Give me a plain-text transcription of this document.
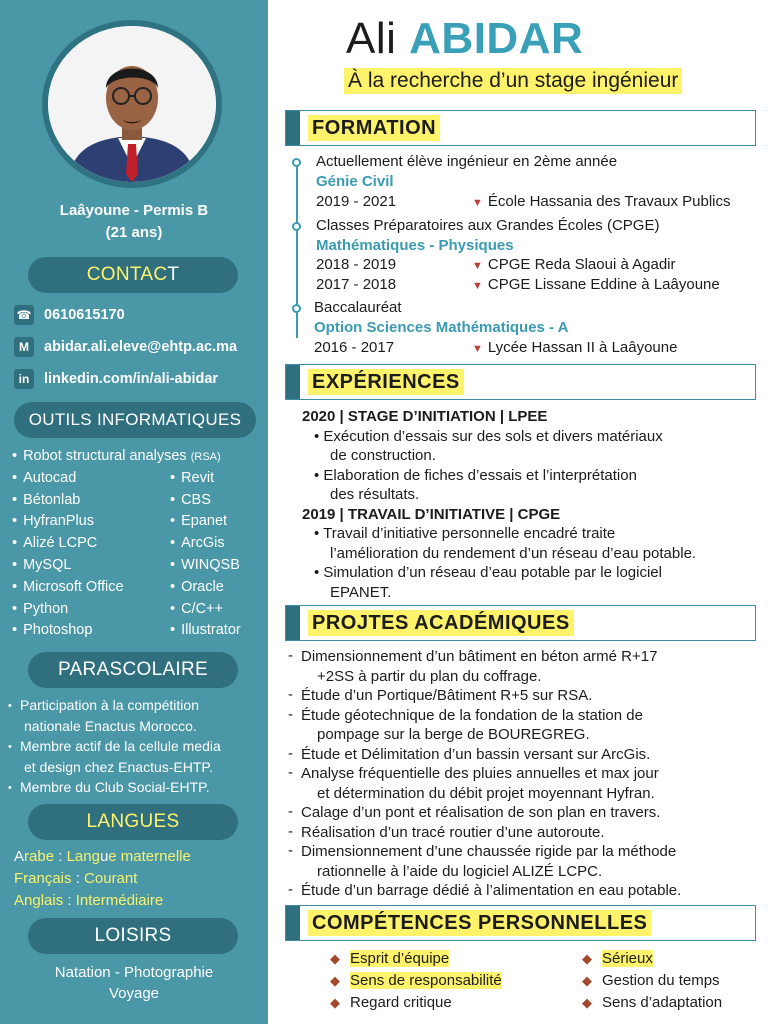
Laâyoune - Permis B
(21 ans)
CONTACT
☎ 0610615170
M	abidar.ali.eleve@ehtp.ac.ma
in	linkedin.com/in/ali-abidar
OUTILS INFORMATIQUES
• Robot structural analyses (RSA)
• Autocad	• Revit
• Bétonlab	• CBS
• HyfranPlus	• Epanet
• Alizé LCPC	• ArcGis
• MySQL	• WINQSB
• Microsoft Office	• Oracle
• Python	• C/C++
• Photoshop	• Illustrator
PARASCOLAIRE
• Participation à la compétition
nationale Enactus Morocco.
• Membre actif de la cellule media
et design chez Enactus-EHTP.
• Membre du Club Social-EHTP.
LANGUES
Arabe : Langue maternelle
Français : Courant
Anglais : Intermédiaire
LOISIRS
Natation - Photographie
Voyage
Ali ABIDAR
À la recherche d’un stage ingénieur
FORMATION
Actuellement élève ingénieur en 2ème année
Génie Civil
2019 - 2021	▼ École Hassania des Travaux Publics
Classes Préparatoires aux Grandes Écoles (CPGE)
Mathématiques - Physiques
2018 - 2019	▼ CPGE Reda Slaoui à Agadir
2017 - 2018	▼ CPGE Lissane Eddine à Laâyoune
Baccalauréat
Option Sciences Mathématiques - A
2016 - 2017	▼ Lycée Hassan II à Laâyoune
EXPÉRIENCES
2020 | STAGE D’INITIATION | LPEE
• Exécution d’essais sur des sols et divers matériaux
de construction.
• Elaboration de fiches d’essais et l’interprétation
des résultats.
2019 | TRAVAIL D’INITIATIVE | CPGE
• Travail d’initiative personnelle encadré traite
l’amélioration du rendement d’un réseau d’eau potable.
• Simulation d’un réseau d’eau potable par le logiciel
EPANET.
PROJTES ACADÉMIQUES
- Dimensionnement d’un bâtiment en béton armé R+17
+2SS à partir du plan du coffrage.
- Étude d’un Portique/Bâtiment R+5 sur RSA.
- Étude géotechnique de la fondation de la station de
pompage sur la berge de BOUREGREG.
- Étude et Délimitation d’un bassin versant sur ArcGis.
- Analyse fréquentielle des pluies annuelles et max jour
et détermination du débit projet moyennant Hyfran.
- Calage d’un pont et réalisation de son plan en travers.
- Réalisation d’un tracé routier d’une autoroute.
- Dimensionnement d’une chaussée rigide par la méthode
rationnelle à l’aide du logiciel ALIZÉ LCPC.
- Étude d’un barrage dédié à l’alimentation en eau potable.
COMPÉTENCES PERSONNELLES
◆ Esprit d’équipe
◆ Sens de responsabilité
◆ Regard critique
◆ Sérieux
◆ Gestion du temps
◆ Sens d’adaptation
